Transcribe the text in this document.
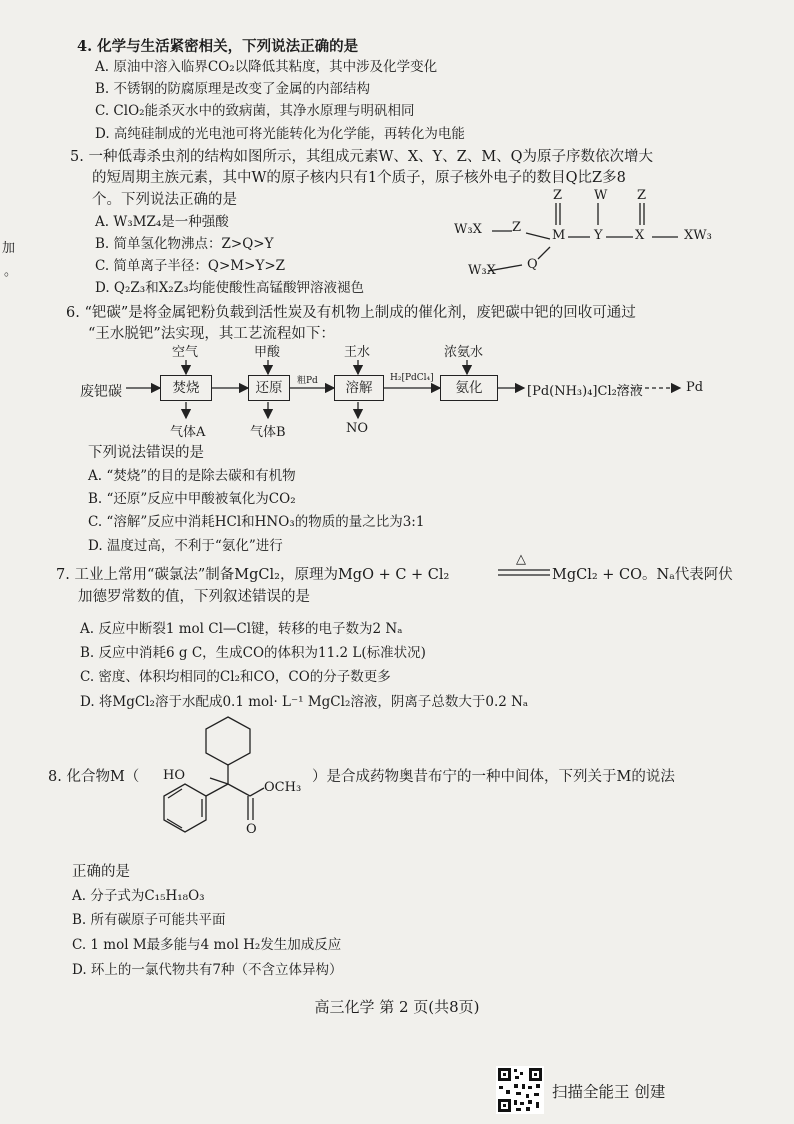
4. 化学与生活紧密相关，下列说法正确的是
A. 原油中溶入临界CO₂以降低其粘度，其中涉及化学变化
B. 不锈钢的防腐原理是改变了金属的内部结构
C. ClO₂能杀灭水中的致病菌，其净水原理与明矾相同
D. 高纯硅制成的光电池可将光能转化为化学能，再转化为电能
5. 一种低毒杀虫剂的结构如图所示，其组成元素W、X、Y、Z、M、Q为原子序数依次增大
的短周期主族元素，其中W的原子核内只有1个质子，原子核外电子的数目Q比Z多8
个。下列说法正确的是
A. W₃MZ₄是一种强酸
B. 简单氢化物沸点：Z>Q>Y
C. 简单离子半径：Q>M>Y>Z
D. Q₂Z₃和X₂Z₃均能使酸性高锰酸钾溶液褪色
W₃X Z
M Y X	XW₃
Z W Z
W₃X Q
加
。
6. “钯碳”是将金属钯粉负载到活性炭及有机物上制成的催化剂，废钯碳中钯的回收可通过
“王水脱钯”法实现，其工艺流程如下：
废钯碳	焚烧	还原	溶解	氨化
空气	甲酸	王水	浓氨水
气体A	气体B	NO
粗Pd	H₂[PdCl₄]
[Pd(NH₃)₄]Cl₂溶液	Pd
下列说法错误的是
A. “焚烧”的目的是除去碳和有机物
B. “还原”反应中甲酸被氧化为CO₂
C. “溶解”反应中消耗HCl和HNO₃的物质的量之比为3:1
D. 温度过高，不利于“氨化”进行
7. 工业上常用“碳氯法”制备MgCl₂，原理为MgO + C + Cl₂
△
MgCl₂ + CO。Nₐ代表阿伏
加德罗常数的值，下列叙述错误的是
A. 反应中断裂1 mol Cl—Cl键，转移的电子数为2 Nₐ
B. 反应中消耗6 g C，生成CO的体积为11.2 L(标准状况)
C. 密度、体积均相同的Cl₂和CO，CO的分子数更多
D. 将MgCl₂溶于水配成0.1 mol· L⁻¹ MgCl₂溶液，阴离子总数大于0.2 Nₐ
8. 化合物M（	）是合成药物奥昔布宁的一种中间体，下列关于M的说法
HO
OCH₃
O
正确的是
A. 分子式为C₁₅H₁₈O₃
B. 所有碳原子可能共平面
C. 1 mol M最多能与4 mol H₂发生加成反应
D. 环上的一氯代物共有7种（不含立体异构）
高三化学 第 2 页(共8页)
扫描全能王 创建
